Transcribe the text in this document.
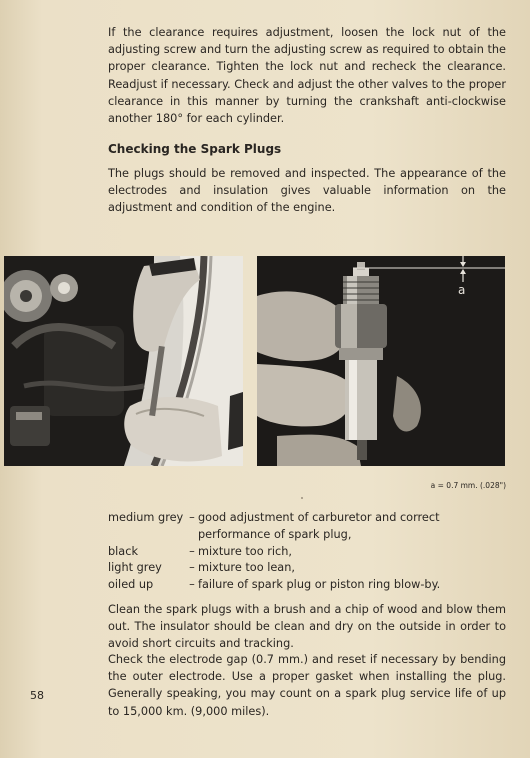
If the clearance requires adjustment, loosen the lock nut of the adjusting screw and turn the adjusting screw as required to obtain the proper clearance. Tighten the lock nut and recheck the clearance. Readjust if necessary. Check and adjust the other valves to the proper clearance in this manner by turning the crankshaft anti-clockwise another 180° for each cylinder.

Checking the Spark Plugs

The plugs should be removed and inspected. The appearance of the electrodes and insulation gives valuable information on the adjustment and condition of the engine.

a
a = 0.7 mm. (.028")
medium grey	–	good adjustment of carburetor and correct performance of spark plug,
black	–	mixture too rich,
light grey	–	mixture too lean,
oiled up	–	failure of spark plug or piston ring blow-by.

Clean the spark plugs with a brush and a chip of wood and blow them out. The insulator should be clean and dry on the outside in order to avoid short circuits and tracking.

Check the electrode gap (0.7 mm.) and reset if necessary by bending the outer electrode. Use a proper gasket when installing the plug. Generally speaking, you may count on a spark plug service life of up to 15,000 km. (9,000 miles).

58
